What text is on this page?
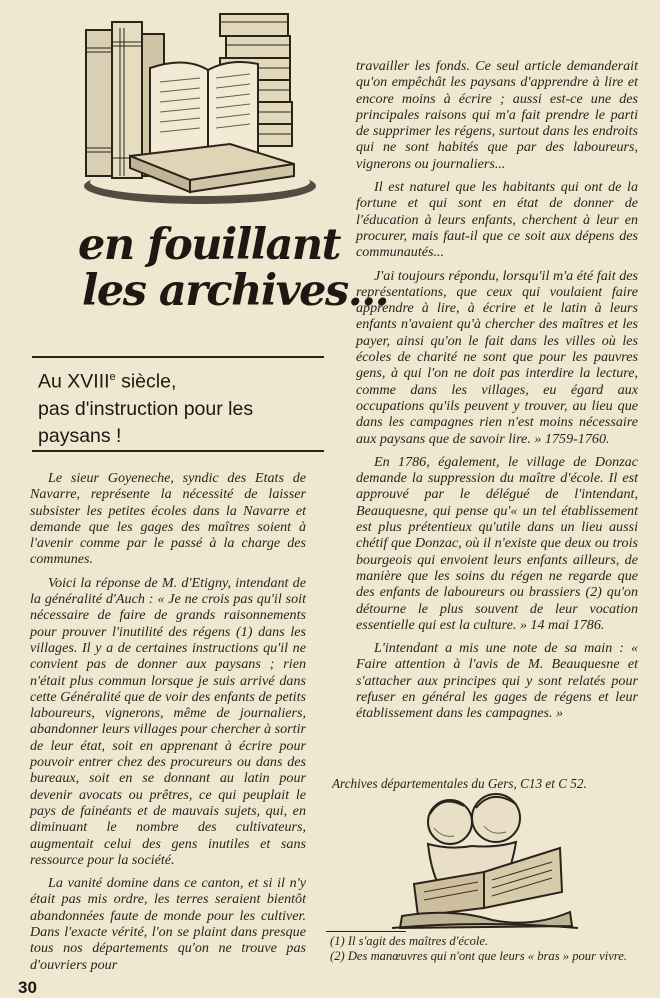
en fouillant
les archives...
Au XVIIIe siècle,
pas d'instruction pour les
paysans !

Le sieur Goyeneche, syndic des Etats de Navarre, représente la nécessité de laisser subsister les petites écoles dans la Navarre et demande que les gages des maîtres soient à l'avenir comme par le passé à la charge des communes.

Voici la réponse de M. d'Etigny, intendant de la généralité d'Auch : « Je ne crois pas qu'il soit nécessaire de faire de grands raisonnements pour prouver l'inutilité des régens (1) dans les villages. Il y a de certaines instructions qu'il ne convient pas de donner aux paysans ; rien n'était plus commun lorsque je suis arrivé dans cette Généralité que de voir des enfants de petits laboureurs, vignerons, même de journaliers, abandonner leurs villages pour chercher à sortir de leur état, soit en apprenant à écrire pour pouvoir entrer chez des procureurs ou dans des bureaux, soit en se donnant au latin pour devenir avocats ou prêtres, ce qui peuplait le pays de fainéants et de mauvais sujets, qui, en diminuant le nombre des cultivateurs, augmentait celui des gens inutiles et sans ressource pour la société.

La vanité domine dans ce canton, et si il n'y était pas mis ordre, les terres seraient bientôt abandonnées faute de monde pour les cultiver. Dans l'exacte vérité, l'on se plaint dans presque tous nos départements qu'on ne trouve pas d'ouvriers pour

travailler les fonds. Ce seul article demanderait qu'on empêchât les paysans d'apprendre à lire et encore moins à écrire ; aussi est-ce une des principales raisons qui m'a fait prendre le parti de supprimer les régens, surtout dans les endroits qui ne sont habités que par des laboureurs, vignerons ou journaliers...

Il est naturel que les habitants qui ont de la fortune et qui sont en état de donner de l'éducation à leurs enfants, cherchent à leur en procurer, mais faut-il que ce soit aux dépens des communautés...

J'ai toujours répondu, lorsqu'il m'a été fait des représentations, que ceux qui voulaient faire apprendre à lire, à écrire et le latin à leurs enfants n'avaient qu'à chercher des maîtres et les payer, ainsi qu'on le fait dans les villes où les écoles de charité ne sont que pour les pauvres gens, à qui l'on ne doit pas interdire la lecture, comme dans les villages, eu égard aux occupations qu'ils peuvent y trouver, au lieu que dans les campagnes rien n'est moins nécessaire aux paysans que de savoir lire. » 1759-1760.

En 1786, également, le village de Donzac demande la suppression du maître d'école. Il est approuvé par le délégué de l'intendant, Beauquesne, qui pense qu'« un tel établissement est plus prétentieux qu'utile dans un lieu aussi chétif que Donzac, où il n'existe que deux ou trois bourgeois qui envoient leurs enfants ailleurs, de manière que les soins du régen ne regarde que des enfants de laboureurs ou brassiers (2) qu'on détourne le plus souvent de leur vocation essentielle qui est la culture. » 14 mai 1786.

L'intendant a mis une note de sa main : « Faire attention à l'avis de M. Beauquesne et s'attacher aux principes qui y sont relatés pour refuser en général les gages de régens et leur établissement dans les campagnes. »

Archives départementales du Gers, C13 et C 52.
(1) Il s'agit des maîtres d'école.
(2) Des manœuvres qui n'ont que leurs « bras » pour vivre.
30
